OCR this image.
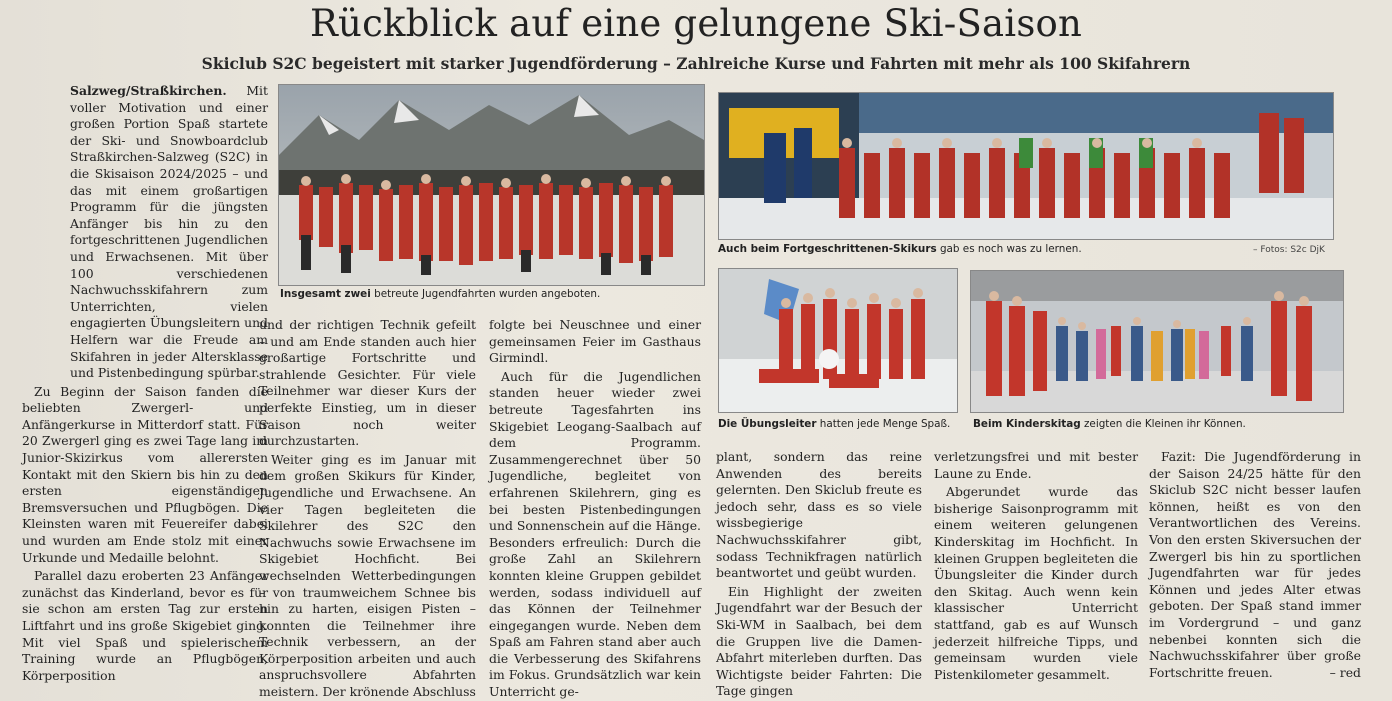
Rückblick auf eine gelungene Ski-Saison
Skiclub S2C begeistert mit starker Jugendförderung – Zahlreiche Kurse und Fahrten mit mehr als 100 Skifahrern
Insgesamt zwei betreute Jugendfahrten wurden angeboten.
Auch beim Fortgeschrittenen-Skikurs gab es noch was zu lernen.	– Fotos: S2c DjK
Die Übungsleiter hatten jede Menge Spaß. Beim Kinderskitag zeigten die Kleinen ihr Können.

Salzweg/Straßkirchen. Mit voller Motivation und einer großen Portion Spaß startete der Ski- und Snowboardclub Straßkirchen-Salzweg (S2C) in die Skisaison 2024/2025 – und das mit einem großartigen Programm für die jüngsten Anfänger bis hin zu den fortgeschrittenen Jugendlichen und Erwachsenen. Mit über 100 verschiedenen Nachwuchsskifahrern zum Unterrichten, vielen engagierten Übungsleitern und Helfern war die Freude am Skifahren in jeder Altersklasse und Pistenbedingung spürbar.

Zu Beginn der Saison fanden die beliebten Zwergerl- und Anfängerkurse in Mitterdorf statt. Für 20 Zwergerl ging es zwei Tage lang im Junior-Skizirkus vom allerersten Kontakt mit den Skiern bis hin zu den ersten eigenständigen Bremsversuchen und Pflugbögen. Die Kleinsten waren mit Feuereifer dabei und wurden am Ende stolz mit einer Urkunde und Medaille belohnt.

Parallel dazu eroberten 23 Anfänger zunächst das Kinderland, bevor es für sie schon am ersten Tag zur ersten Liftfahrt und ins große Skigebiet ging. Mit viel Spaß und spielerischem Training wurde an Pflugbögen, Körperposition

und der richtigen Technik gefeilt – und am Ende standen auch hier großartige Fortschritte und strahlende Gesichter. Für viele Teilnehmer war dieser Kurs der perfekte Einstieg, um in dieser Saison noch weiter durchzustarten.

Weiter ging es im Januar mit dem großen Skikurs für Kinder, Jugendliche und Erwachsene. An vier Tagen begleiteten die Skilehrer des S2C den Nachwuchs sowie Erwachsene im Skigebiet Hochficht. Bei wechselnden Wetterbedingungen – von traumweichem Schnee bis hin zu harten, eisigen Pisten – konnten die Teilnehmer ihre Technik verbessern, an der Körperposition arbeiten und auch anspruchsvollere Abfahrten meistern. Der krönende Abschluss

folgte bei Neuschnee und einer gemeinsamen Feier im Gasthaus Girmindl.

Auch für die Jugendlichen standen heuer wieder zwei betreute Tagesfahrten ins Skigebiet Leogang-Saalbach auf dem Programm. Zusammengerechnet über 50 Jugendliche, begleitet von erfahrenen Skilehrern, ging es bei besten Pistenbedingungen und Sonnenschein auf die Hänge. Besonders erfreulich: Durch die große Zahl an Skilehrern konnten kleine Gruppen gebildet werden, sodass individuell auf das Können der Teilnehmer eingegangen wurde. Neben dem Spaß am Fahren stand aber auch die Verbesserung des Skifahrens im Fokus. Grundsätzlich war kein Unterricht ge-

plant, sondern das reine Anwenden des bereits gelernten. Den Skiclub freute es jedoch sehr, dass es so viele wissbegierige Nachwuchsskifahrer gibt, sodass Technikfragen natürlich beantwortet und geübt wurden.

Ein Highlight der zweiten Jugendfahrt war der Besuch der Ski-WM in Saalbach, bei dem die Gruppen live die Damen-Abfahrt miterleben durften. Das Wichtigste beider Fahrten: Die Tage gingen

verletzungsfrei und mit bester Laune zu Ende.

Abgerundet wurde das bisherige Saisonprogramm mit einem weiteren gelungenen Kinderskitag im Hochficht. In kleinen Gruppen begleiteten die Übungsleiter die Kinder durch den Skitag. Auch wenn kein klassischer Unterricht stattfand, gab es auf Wunsch jederzeit hilfreiche Tipps, und gemeinsam wurden viele Pistenkilometer gesammelt.

Fazit: Die Jugendförderung in der Saison 24/25 hätte für den Skiclub S2C nicht besser laufen können, heißt es von den Verantwortlichen des Vereins. Von den ersten Skiversuchen der Zwergerl bis hin zu sportlichen Jugendfahrten war für jedes Können und jedes Alter etwas geboten. Der Spaß stand immer im Vordergrund – und ganz nebenbei konnten sich die Nachwuchsskifahrer über große Fortschritte freuen.	– red
